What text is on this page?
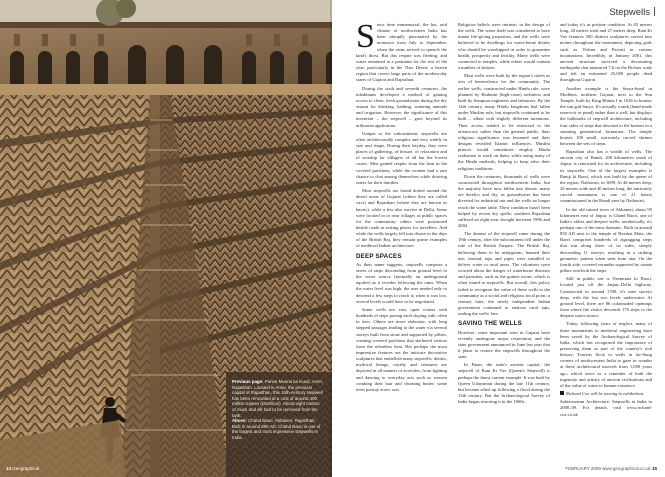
Previous page: Panna Meena ka Kund, Amer, Rajasthan. Located in Amer, the previous capital of Rajasthan, this 16th-century stepwell has been renovated at a cost of around 400 million rupees (£5million). About eight metres of muck and silt had to be removed from the tank.
Above: Chand Baori, Abhaneri, Rajasthan. Built in around 850 AD, Chand Baori is one of the largest and most impressive stepwells in India.
14 Geographical
Stepwells
FEBRUARY 2008 www.geographical.co.uk 15

Since time immemorial, the hot, arid climate of northwestern India has been abruptly punctuated by the monsoon from July to September, when the rains arrived to quench the land's thirst. But this respite was fleeting, and water remained at a premium for the rest of the year, particularly in the Thar Desert, a barren region that covers large parts of the modern-day states of Gujarat and Rajasthan.

During the sixth and seventh centuries, the inhabitants developed a method of gaining access to clean, fresh groundwater during the dry season for drinking, bathing, watering animals and irrigation. However, the significance of this invention – the stepwell – goes beyond its utilitarian application.

Unique to the subcontinent, stepwells are often architecturally complex and very widely in size and shape. During their heyday, they were places of gathering, of leisure, of relaxation and of worship for villagers of all but the lowest castes. Men gained respite from the heat in the covered pavilions, while the women had a rare chance to chat among themselves while drawing water for their families.

Most stepwells are found dotted around the desert areas of Gujarat (where they are called vavs) and Rajasthan (where they are known as baoris), while a few also survive in Delhi. Some were located in or near villages as public spaces for the community; others were positioned beside roads as resting places for travellers. And while the wells largely fell into disuse in the days of the British Raj, they remain prime examples of medieval Indian architecture.

DEEP SPACES

As their name suggests, stepwells comprise a series of steps descending from ground level to the water source (normally an underground aquifer) as it recedes following the rains. When the water level was high, the user needed only to descend a few steps to reach it; when it was low, several levels would have to be negotiated.

Some wells are vast, open craters with hundreds of steps paving each sloping side, often in tiers. Others are more elaborate, with long stepped passages leading to the water via several storeys built from stone and supported by pillars, creating covered pavilions that sheltered visitors from the relentless heat. But perhaps the most impressive features are the intricate decorative sculptures that embellish many stepwells: deities, mythical beings, royalty and creatures are depicted in all manner of activities, from fighting and dancing to everyday acts such as women combing their hair and churning butter; some even portray erotic acts.

Religious beliefs were intrinsic in the design of the wells. The water itself was considered to have innate life-giving properties, and the wells were believed to be dwellings for water-borne deities who should be worshipped in order to guarantee health, prosperity and fertility. Many wells were connected to temples, while others would contain a number of shrines.

Most wells were built by the region's rulers as acts of benevolence for the community. The earlier wells, constructed under Hindu rule, were planned by Brahmin (high-caste) architects and built by Sompura engineers and labourers. By the 14th century, many Hindu kingdoms had fallen under Muslim rule, but stepwells continued to be built – albeit with slightly different intentions. Their access tended to be restricted to the aristocracy rather than the general public, their religious significance was lessened and their designs revealed Islamic influences. Muslim princes would sometimes employ Hindu craftsmen to work on them, while using many of the Hindu methods, helping to keep alive their religious traditions.

Down the centuries, thousands of wells were constructed throughout northwestern India, but the majority have now fallen into disuse; many are derelict and dry, as groundwater has been diverted for industrial use and the wells no longer reach the water table. Their condition hasn't been helped by recent dry spells: southern Rajasthan suffered an eight-year drought between 1996 and 2004.

The demise of the stepwell came during the 19th century, after the subcontinent fell under the rule of the British Empire. The British Raj, believing them to be unhygienic, banned their use; instead, taps and pipes were installed to deliver water to rural areas. The colonisers were worried about the danger of waterborne diseases and parasites, such as the guinea worm, which is often found in stepwells. But overall, this policy failed to recognise the value of these wells to the community as a social and religious focal point; a century later, the newly independent Indian government continued to endorse rural taps, sealing the wells' fate.

SAVING THE WELLS

However, some important sites in Gujarat have recently undergone major restoration, and the state government announced in June last year that it plans to restore the stepwells throughout the state.

In Patan, the state's ancient capital, the stepwell of Rani Ki Vav (Queen's Stepwell) is perhaps the finest current example. It was built by Queen Udayamati during the late 11th century, but became silted up following a flood during the 13th century. But the Archaeological Survey of India began restoring it in the 1960s,

and today it's in pristine condition. At 65 metres long, 20 metres wide and 27 metres deep, Rani Ki Vav features 500 distinct sculptures carved into niches throughout the monument, depicting gods such as Vishnu and Parvati in various incarnations. Incredibly, in January 2001, this ancient structure survived a devastating earthquake that measured 7.6 on the Richter scale and left an estimated 25,000 people dead throughout Gujarat.

Another example is the Surya-kund in Modhera, northern Gujarat, next to the Sun Temple, built by King Bhima I in 1026 to honour the sun god Surya. It's actually a tank (hand-made reservoir or pond) rather than a well, but displays the hallmarks of stepwell architecture, including four sides of steps that descend to the bottom in a stunning geometrical formation. The temple houses 108 small, intricately carved shrines between the sets of steps.

Rajasthan also has a wealth of wells. The ancient city of Bundi, 200 kilometres south of Jaipur, is renowned for its architecture, including its stepwells. One of the largest examples is Raniji ki Baori, which was built by the queen of the region, Nathavati, in 1699. At 46 metres deep, 20 metres wide and 40 metres long, the intricately carved monument is one of 21 baoris commissioned in the Bundi area by Nathavati.

In the old ruined town of Abhaneri, about 95 kilometres east of Jaipur, is Chand Baori, one of India's oldest and deepest wells; aesthetically, it's perhaps one of the most dramatic. Built in around 850 AD next to the temple of Harshat Mata, the Baori comprises hundreds of zigzagging steps that run along three of its sides, steeply descending 11 storeys, resulting in a striking geometric pattern when seen from afar. On the fourth side, covered verandas supported by ornate pillars overlook the steps.

Still in public use is Neemrana ki Baori, located just off the Jaipur–Delhi highway. Constructed in around 1700, it's nine storeys deep, with the last two levels underwater. At ground level, there are 86 colonnaded openings from where the visitor descends 170 steps to the deepest water source.

Today, following years of neglect, many of these monuments to medieval engineering have been saved by the Archaeological Survey of India, which has recognised the importance of preserving them as part of the country's rich history. Tourists flock to wells in far-flung corners of northwestern India to gaze in wonder at these architectural marvels from 1,000 years ago, which serve as a reminder of both the ingenuity and artistry of ancient civilisations and of the value of water to human existence.

Richard Cox will be touring to exhibitions

Subterranean Architecture: Stepwells in India in 2008–09. For details, visit www.richard-cox.co.uk
